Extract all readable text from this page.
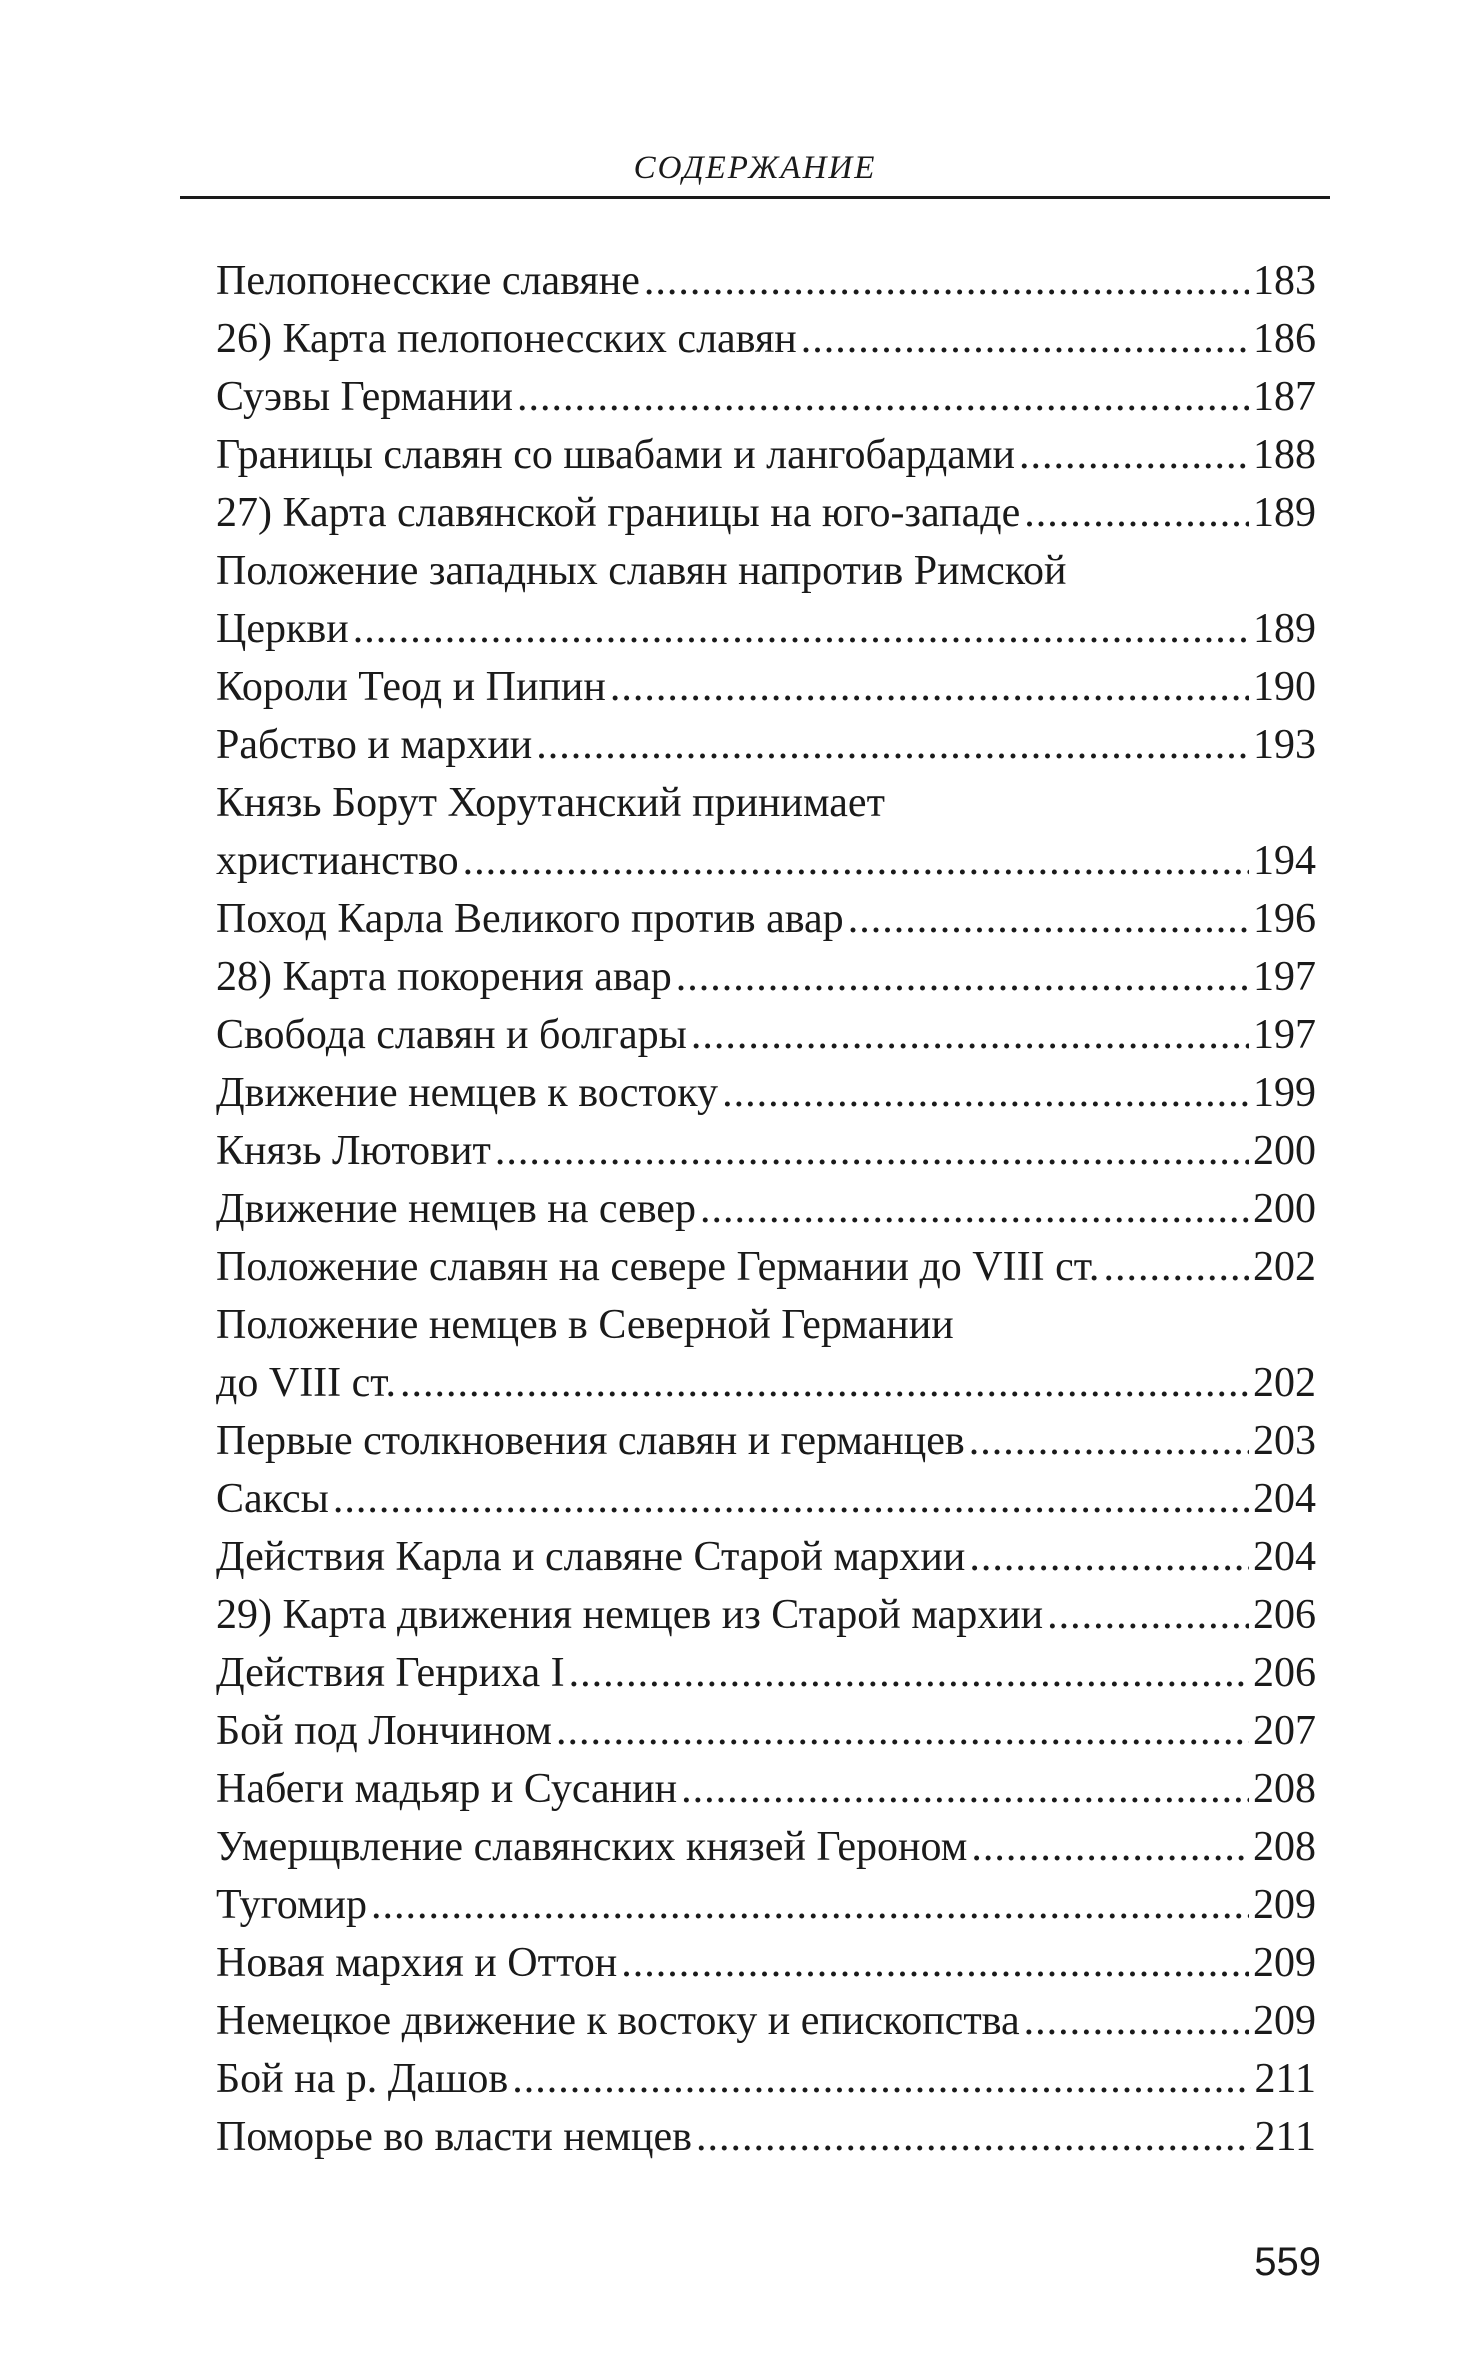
СОДЕРЖАНИЕ
Пелопонесские славяне .....	183
26) Карта пелопонесских славян .....	186
Суэвы Германии .....	187
Границы славян со швабами и лангобардами .....	188
27) Карта славянской границы на юго-западе .....	189
Положение западных славян напротив Римской
Церкви .....	189
Короли Теод и Пипин .....	190
Рабство и мархии .....	193
Князь Борут Хорутанский принимает
христианство .....	194
Поход Карла Великого против авар .....	196
28) Карта покорения авар .....	197
Свобода славян и болгары .....	197
Движение немцев к востоку .....	199
Князь Лютовит .....	200
Движение немцев на север .....	200
Положение славян на севере Германии до VIII ст. .....	202
Положение немцев в Северной Германии
до VIII ст. .....	202
Первые столкновения славян и германцев .....	203
Саксы .....	204
Действия Карла и славяне Старой мархии .....	204
29) Карта движения немцев из Старой мархии .....	206
Действия Генриха I .....	206
Бой под Лончином .....	207
Набеги мадьяр и Сусанин .....	208
Умерщвление славянских князей Героном .....	208
Тугомир .....	209
Новая мархия и Оттон .....	209
Немецкое движение к востоку и епископства .....	209
Бой на р. Дашов .....	211
Поморье во власти немцев .....	211
559
